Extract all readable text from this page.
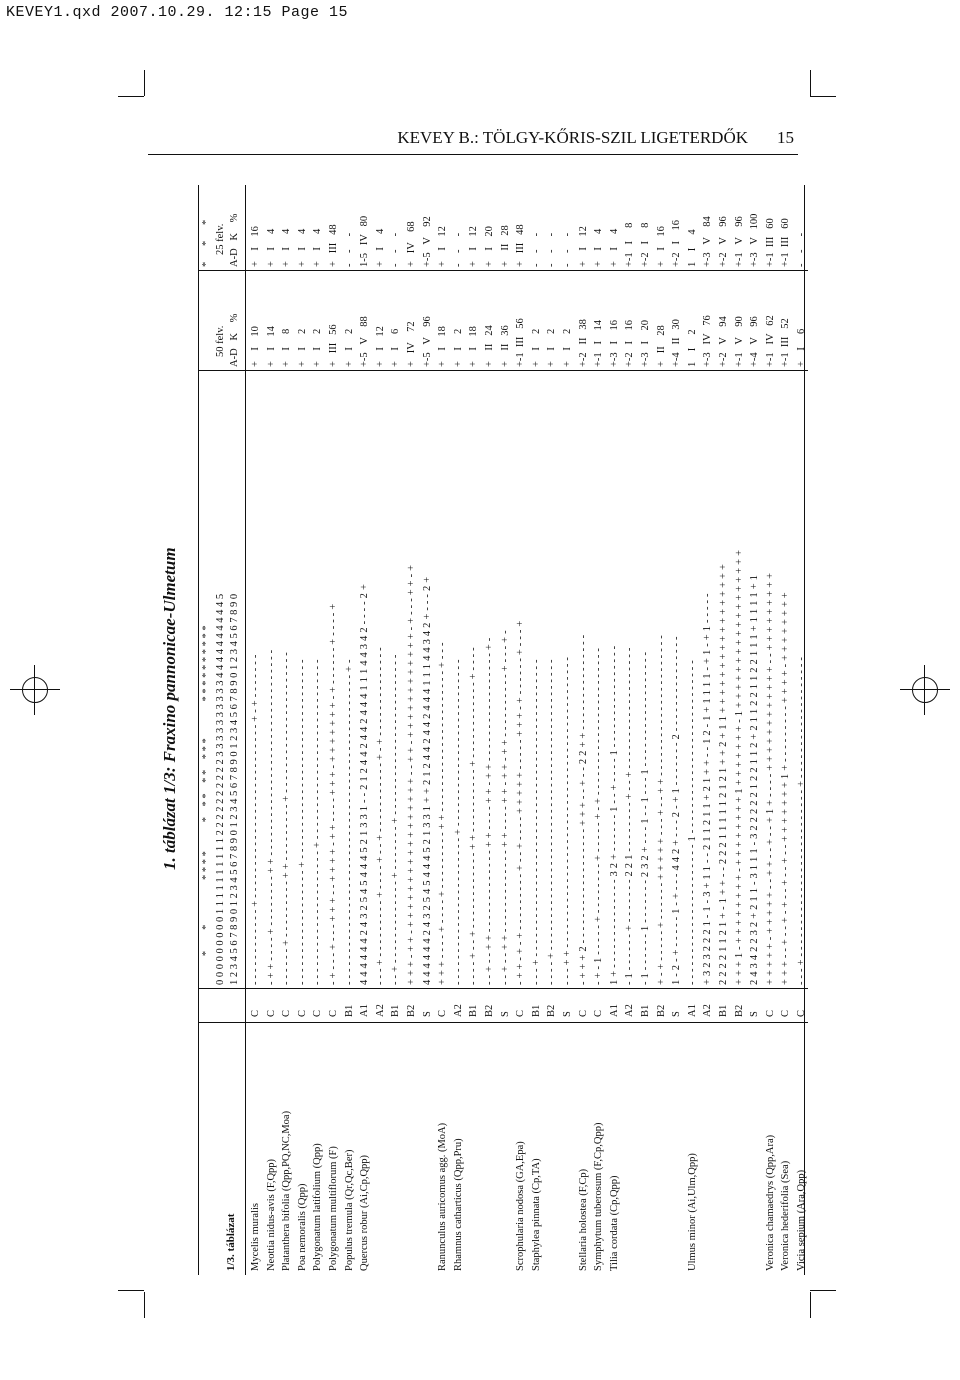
KEVEY1.qxd 2007.10.29. 12:15 Page 15
KEVEY B.: TÖLGY-KŐRIS-SZIL LIGETERDŐK 15
1. táblázat 1/3: Fraxino pannonicae-Ulmetum
1/3. táblázat
*        *                 * * * *           *    * *    * *    * * *              * * * * * * * * * * 0 0 0 0 0 0 0 0 0 1 1 1 1 1 1 1 1 1 1 2 2 2 2 2 2 2 2 2 2 3 3 3 3 3 3 3 3 3 3 4 4 4 4 4 4 4 4 4 4 5 1 2 3 4 5 6 7 8 9 0 1 2 3 4 5 6 7 8 9 0 1 2 3 4 5 6 7 8 9 0 1 2 3 4 5 6 7 8 9 0 1 2 3 4 5 6 7 8 9 0
*      *      *
50 felv.
25 felv.
A-D   K    %
A-D   K    %
Mycelis muralis
C
- - - - - - - - - - - - + - - - - - - - - - - - - - - - - - - - - - - - - - - - + - + - - - - - - -
+    I    10
+    I    16
Neottia nidus-avis (F,Qpp)
C
- + + - - - - + - - - - - - - - + + - - - - - - - - - - - - - - - - - - - - - - - - - - - - - - - -
+    I    14
+    I     4
Platanthera bifolia (Qpp,PQ,NC,Moa)
C
- - - - - - + - - - - - - - - - + + - - - - - - - - - + - - - - - - - - - - - - - - - - - - - - - -
+    I     8
+    I     4
Poa nemoralis (Qpp)
C
- - - - - - - - - - - - - - - - - - + - - - - - - - - - - - - - - - - - - - - - - - - - - - - - - -
+    I     2
+    I     4
Polygonatum latifolium (Qpp)
C
- - - - - - - - - - - - - - - - - - - - - + - - - - - - - - - - - - - - - - - - - - - - - - - - - -
+    I     2
+    I     4
Polygonatum multiflorum (F)
C
- + - - - + - - - + + + - - + + + + - + + - - - - + + + - + + + + + + + - + - - - - - - + - - - - +
+   III   56
+   III   48
Populus tremula (Qr,Qc,Ber)
B1
- - - - - - - - - - - - - - - - - - - - - - - - - - - - - - - - - - - - - - - - - - - - - - - - + -
+    I     2
-    -     -
Quercus robur (Ai,Cp,Qpp)
A1
4 4 4 4 4 4 2 4 3 2 5 4 5 4 4 4 5 2 1 3 3 1 - - 2 1 2 4 4 2 4 4 2 4 4 4 1 1 1 4 4 3 4 2 - - - - 2 +
+-5   V    88
1-5   IV   80
A2
- - - + - - - - - - - - - + - - - - + - - + - - - - - - - - - - - + - + - - - - - - - - - - - - - -
+    I    12
+    I     4
B1
- - + - - - - - - - - - - - - - + - - - - - - - + - - - - - - - - - - - - - - - - - - - - - - - - -
+    I     6
-    -     -
B2
+ + + - + + - + + + + + + + + + + + + + + + + + - - + + - + + + + + + + + + + + + - + - - - + + - +
+   IV    72
+   IV    68
S
4 4 4 4 4 4 2 4 3 2 5 4 5 4 4 4 5 2 1 3 3 1 + + 2 1 2 4 4 2 4 4 2 4 4 4 1 1 1 4 4 3 4 2 + - - - 2 +
+-5   V    96
+-5   V    92
Ranunculus auricomus agg. (MoA)
C
+ + + - - - - + - - - - + - - - - - - - - - + + - - - - - - - - - - - - - - - - - - - - - - + - - -
+    I    18
+    I    12
Rhamnus catharticus (Qpp,Pru)
A2
- - - - - - - - - - - - - - - - - - - - - - - + - - - - - - - - - - - - - - - - - - - - - - - - - -
+    I     2
-    -     -
B1
- - - - + - - + - - - - - - - - - - - - + + - - - - - - - - - - + - - - - - - - - - - - - + - - - -
+    I    18
+    I    12
B2
- - + - - + + - - - - - - - - - - - - - + + - - - - + + - + + - - - - - - - - - - - - - - - - - + -
+    II   24
+    I    20
S
- - + - - + + - - - - - - - - - - - - - + + - - - - + + - + + - + + - - - - - - - - - - + - - - + -
+    II   36
+    II   28
Scrophularia nodosa (GA,Epa)
C
- + + - + - + - - - - - - - - - + - - + - - - - + + + + + - - - - - + + + - + - - - - - - + - - - +
+-1  III   56
+   III   48
Staphylea pinnata (Cp,TA)
B1
- - - + - - - - - - - - - - - - - - - - - - - - - - - - - - - - - - - - - - - - - - - - - - - - - -
+    I     2
-    -     -
B2
- - - - + - - - - - - - - - - - - - - - - - - - - - - - - - - - - - - - - - - - - - - - - - - - - -
+    I     2
-    -     -
S
- - - + + - - - - - - - - - - - - - - - - - - - - - - - - - - - - - - - - - - - - - - - - - - - - -
+    I     2
-    -     -
Stellaria holostea (F,Cp)
C
- + + + 2 - - - - - - - - - - - - - - - - - - + + + - - + - - 2 2 + + - - - - - - - - - - - - - - -
+-2   II   38
+    I    12
Symphytum tuberosum (F,Cp,Qpp)
C
- + - 1 - - - - - + - - - - - - - - + - - - - - + - + - - - - - - - - - - - - - - - - - - - - - - -
+-1   I    14
+    I     4
Tilia cordata (Cp,Qpp)
A1
1 + - - - - - - - - - - - - - - 3 2 + - - - - - - 1 - - + - - - - 1 - - - - - - - - - - - - - - - -
+-3   I    16
+    I     4
A2
- 1 - - - - - - + - - - - - - - 2 2 1 - - - - - - - - + - - + - - - - - - - - - - - - - - - - - - -
+-2   I    16
+-1   I     8
B1
- 1 - - - - - - 1 - - - - - - - 2 3 2 + - - - 1 - - 1 - - - 1 - - - - - - - - - - - - - - - - - -
+-3   I    20
+-2   I     8
B2
+ - + - - - - - + - - - - - - + + + + + - - - + - - + + - - - - - - - - - - - - - - - - - - - - - -
+   II    28
+    I    16
S
1 - 2 - + - - - - - 1 - + - - - 4 4 2 + - - - 2 - + 1 - - - - - - - 2 - - - - - - - - - - - - - - -
+-4   II   30
+-2   I    16
Ulmus minor (Ai,Ulm,Qpp)
A1
- - - - - - - - - - - - - - - - - - - - - - 1 - - - - - - - - - - - - - - - - - - - - - - - - - - -
1    I     2
1    I     4
A2
+ 3 2 3 2 2 2 1 - 1 - 3 + 1 1 - - 2 1 1 2 1 1 + 2 1 + + - - 1 2 - 1 + 1 1 1 1 - + 1 - + 1 - - - - -
+-3   IV   76
+-3   V    84
B1
2 2 2 2 1 1 2 1 + - 1 + + - - 2 2 2 1 1 1 1 1 2 1 2 1 + + 2 + 1 1 + + + + + + + + + + + + + + + + +
+-2   V    94
+-2   V    96
B2
+ + + 1 - + + + + + + + + - + + + + + + + + 1 + + + + + + + - 1 + + + + + + + + + + + + + + + + + +
+-1   V    90
+-1   V    96
S
2 4 3 4 2 2 3 2 + 2 1 1 - 3 1 1 1 - 3 2 2 2 2 2 1 2 2 1 1 2 + 2 1 1 2 2 1 1 2 2 1 1 1 + 1 1 1 1 + 1
+-4   V    96
+-3   V   100
Veronica chamaedrys (Qpp,Ara)
C
+ + + + + - + + + + + - - + + - - + - - + 1 + - - - - + + + + + + + + + + + + - - + + + + + + + + +
+-1   IV   62
+-1  III   60
Veronica hederifolia (Sea)
C
+ + + - - + - - + - + - - + - - + - - + + + + + + + 1 + - - - - - - - - - + + + + - + + + + + + + +
+-1  III   52
+-1  III   60
Vicia sepium (Ara,Qpp)
C
- - - + - - - - - - - - - - - - - - - - - - - - - - - - - - + - - - - - - - - - - - - - - - - - - -
+    I     6
-    -     -
